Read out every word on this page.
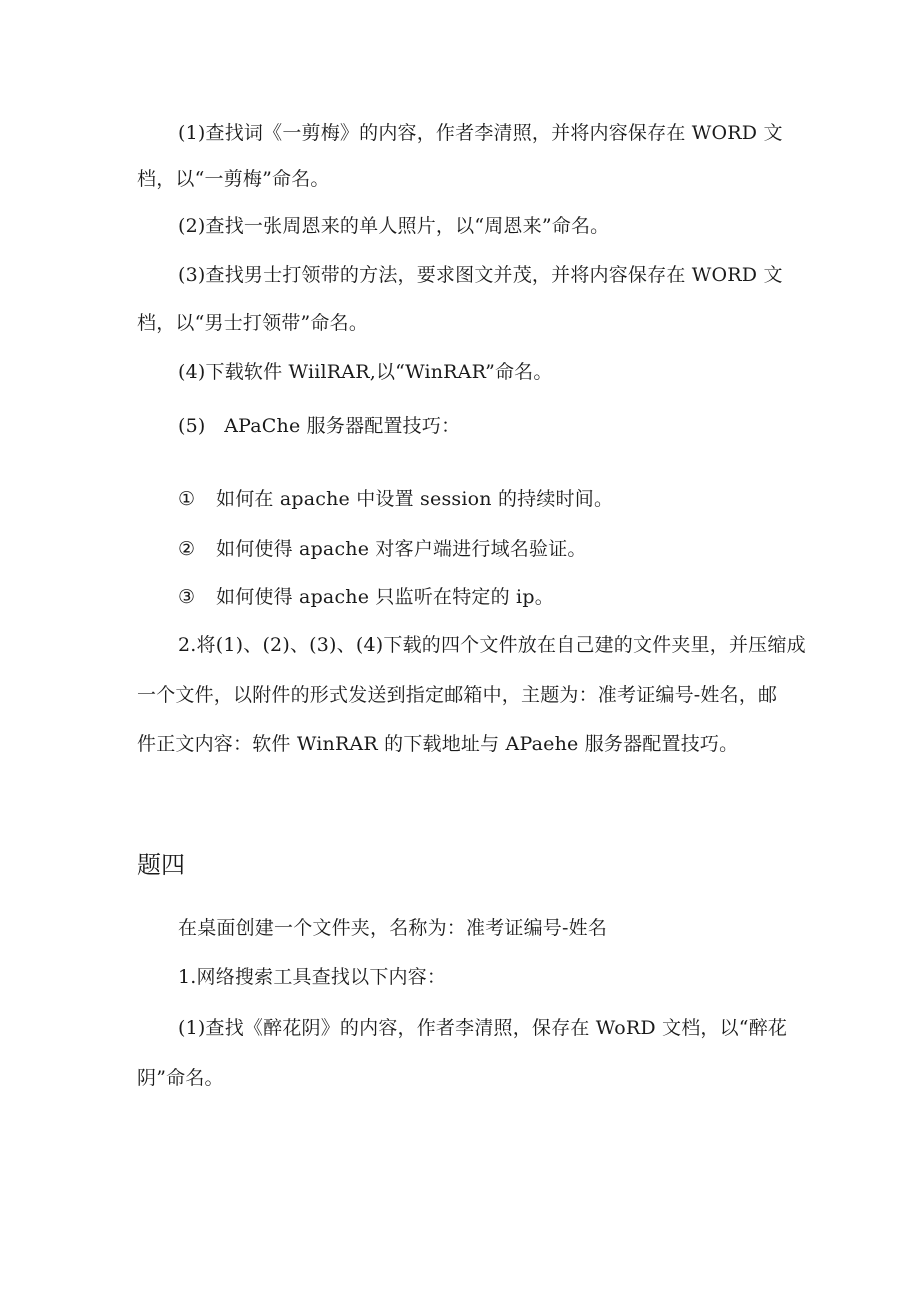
(1)查找词《一剪梅》的内容，作者李清照，并将内容保存在 WORD 文
档，以“一剪梅”命名。
(2)查找一张周恩来的单人照片，以“周恩来”命名。
(3)查找男士打领带的方法，要求图文并茂，并将内容保存在 WORD 文
档，以“男士打领带”命名。
(4)下载软件 WiilRAR,以“WinRAR”命名。
(5)   APaChe 服务器配置技巧：
① 如何在 apache 中设置 session 的持续时间。
② 如何使得 apache 对客户端进行域名验证。
③ 如何使得 apache 只监听在特定的 ip。
2.将(1)、(2)、(3)、(4)下载的四个文件放在自己建的文件夹里，并压缩成
一个文件，以附件的形式发送到指定邮箱中，主题为：准考证编号-姓名，邮
件正文内容：软件 WinRAR 的下载地址与 APaehe 服务器配置技巧。
题四
在桌面创建一个文件夹，名称为：准考证编号-姓名
1.网络搜索工具查找以下内容：
(1)查找《醉花阴》的内容，作者李清照，保存在 WoRD 文档，以“醉花
阴”命名。
